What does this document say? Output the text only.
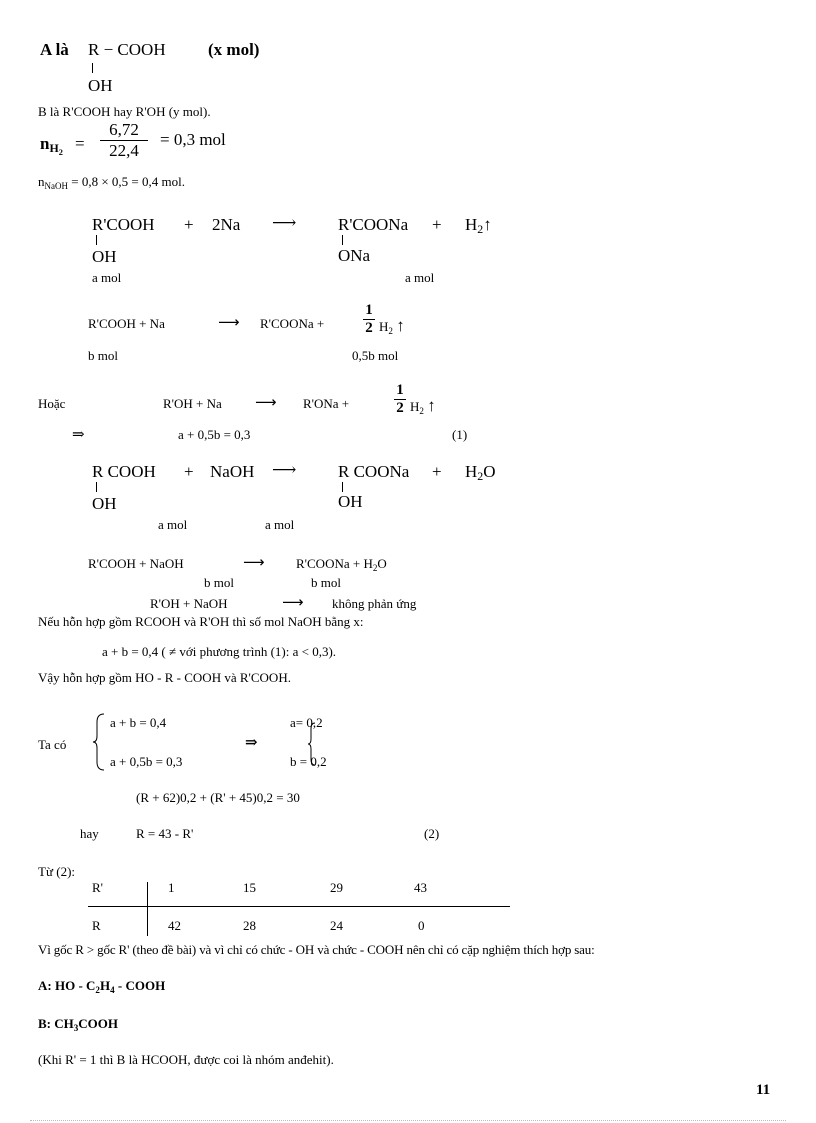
A là R − COOH (x mol)
OH
B là R'COOH hay R'OH (y mol).
$n_{H_2}$ =
6,72
22,4
= 0,3 mol
$n_{NaOH} = 0,8 \times 0,5 = 0,4$ mol.
R'COOH + 2Na ⟶ R'COONa + $H_2↑$
OH	ONa
a mol	a mol
R'COOH + Na	⟶ R'COONa +
1
2 $H_2$ ↑
b mol	0,5b mol
Hoặc	R'OH + Na ⟶ R'ONa +
1
2 $H_2$ ↑
⇒	a + 0,5b = 0,3	(1)
R COOH + NaOH ⟶ R COONa + $H_2O$
OH	OH
a mol	a mol
R'COOH + NaOH	⟶ R'COONa + $H_2O$
b mol	b mol
R'OH + NaOH	⟶ không phản ứng
Nếu hỗn hợp gồm RCOOH và R'OH thì số mol NaOH bằng x:
a + b = 0,4 ( ≠ với phương trình (1): a < 0,3).
Vậy hỗn hợp gồm HO - R - COOH và R'COOH.
Ta có
a + b = 0,4
a + 0,5b = 0,3
⇒
a= 0,2
b = 0,2
(R + 62)0,2 + (R' + 45)0,2 = 30
hay	R = 43 - R'	(2)
Từ (2):
R'	1	15	29	43
R	42	28	24	0
Vì gốc R > gốc R' (theo đề bài) và vì chỉ có chức - OH và chức - COOH nên chỉ có cặp nghiệm thích hợp sau:
A: HO - $C_2H_4$ - COOH
B: $CH_3COOH$
(Khi R' = 1 thì B là HCOOH, được coi là nhóm anđehit).
11
